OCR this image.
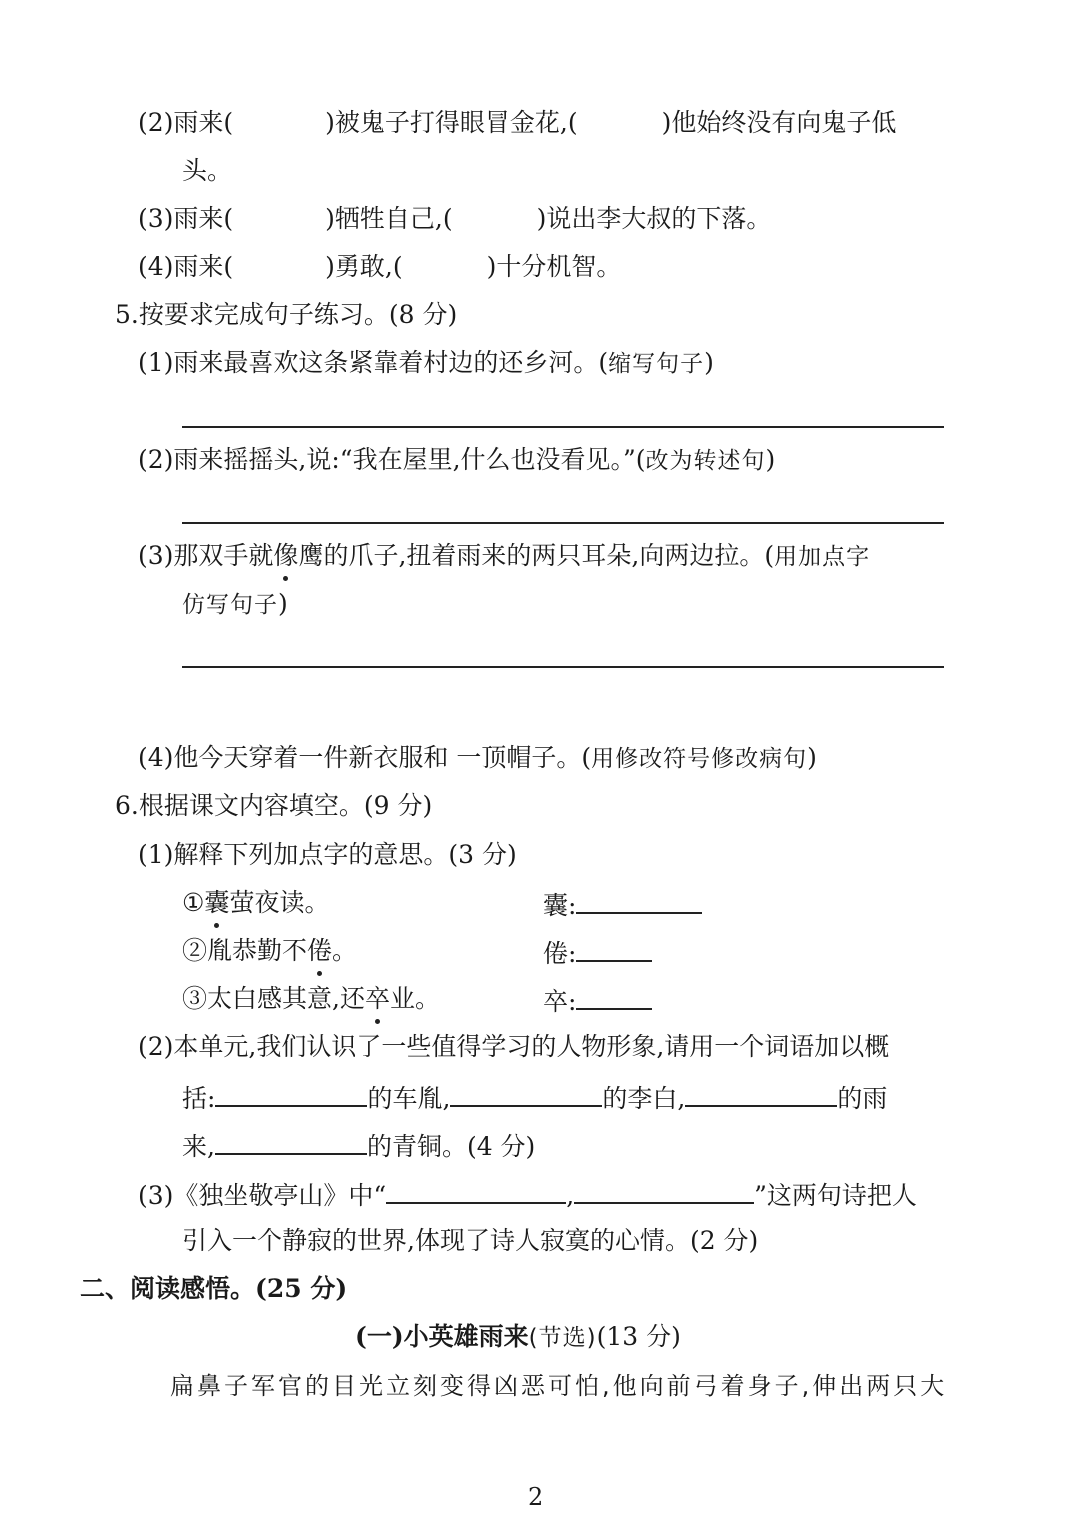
(2)雨来(	)被鬼子打得眼冒金花,(	)他始终没有向鬼子低
头。
(3)雨来(	)牺牲自己,(	)说出李大叔的下落。
(4)雨来(	)勇敢,(	)十分机智。
5.按要求完成句子练习。(8 分)
(1)雨来最喜欢这条紧靠着村边的还乡河。(缩写句子)
(2)雨来摇摇头,说:“我在屋里,什么也没看见。”(改为转述句)
(3)那双手就像鹰的爪子,扭着雨来的两只耳朵,向两边拉。(用加点字
仿写句子)
(4)他今天穿着一件新衣服和 一顶帽子。(用修改符号修改病句)
6.根据课文内容填空。(9 分)
(1)解释下列加点字的意思。(3 分)
①囊萤夜读。	囊:
②胤恭勤不倦。	倦:
③太白感其意,还卒业。	卒:
(2)本单元,我们认识了一些值得学习的人物形象,请用一个词语加以概
括:	的车胤,	的李白,	的雨
来,	的青铜。(4 分)
(3)《独坐敬亭山》中“	,	”这两句诗把人
引入一个静寂的世界,体现了诗人寂寞的心情。(2 分)
二、阅读感悟。(25 分)
(一)小英雄雨来(节选)(13 分)
扁鼻子军官的目光立刻变得凶恶可怕,他向前弓着身子,伸出两只大
2
